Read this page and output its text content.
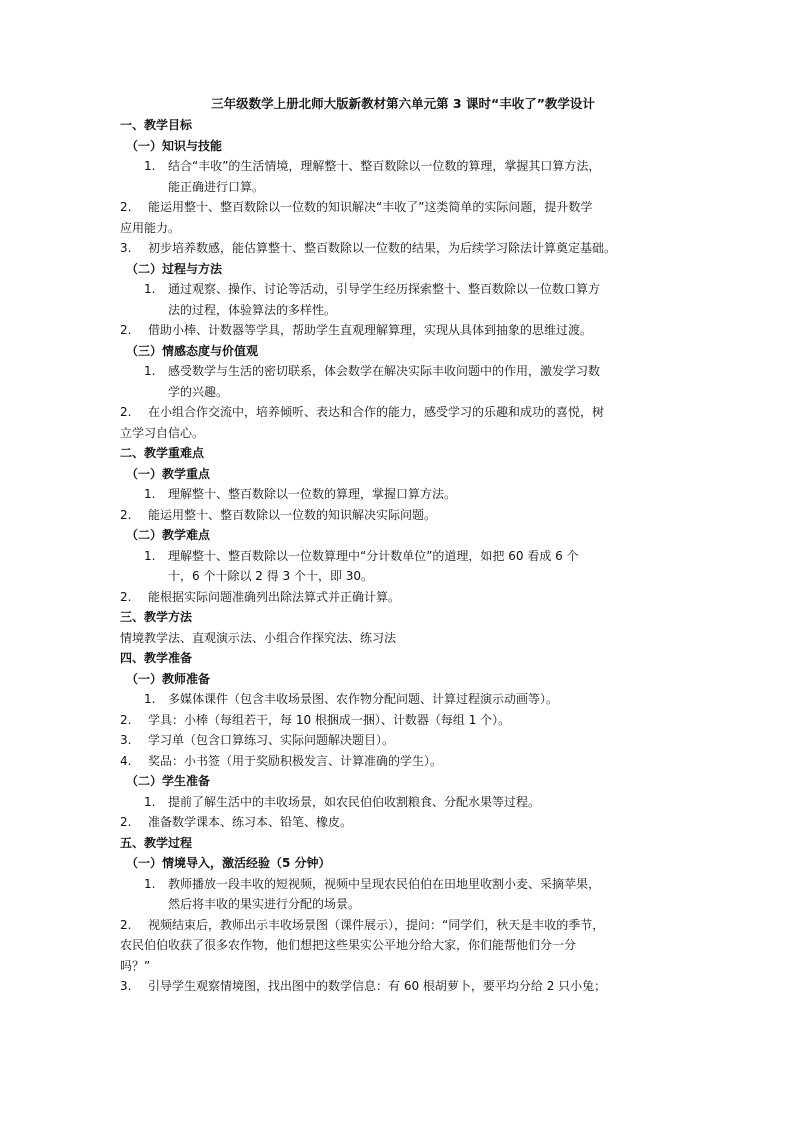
三年级数学上册北师大版新教材第六单元第 3 课时“丰收了”教学设计
一、教学目标
（一）知识与技能
1. 结合“丰收”的生活情境，理解整十、整百数除以一位数的算理，掌握其口算方法，
能正确进行口算。
2. 能运用整十、整百数除以一位数的知识解决“丰收了”这类简单的实际问题，提升数学
应用能力。
3. 初步培养数感，能估算整十、整百数除以一位数的结果，为后续学习除法计算奠定基础。
（二）过程与方法
1. 通过观察、操作、讨论等活动，引导学生经历探索整十、整百数除以一位数口算方
法的过程，体验算法的多样性。
2. 借助小棒、计数器等学具，帮助学生直观理解算理，实现从具体到抽象的思维过渡。
（三）情感态度与价值观
1. 感受数学与生活的密切联系，体会数学在解决实际丰收问题中的作用，激发学习数
学的兴趣。
2. 在小组合作交流中，培养倾听、表达和合作的能力，感受学习的乐趣和成功的喜悦，树
立学习自信心。
二、教学重难点
（一）教学重点
1. 理解整十、整百数除以一位数的算理，掌握口算方法。
2. 能运用整十、整百数除以一位数的知识解决实际问题。
（二）教学难点
1. 理解整十、整百数除以一位数算理中“分计数单位”的道理，如把 60 看成 6 个
十，6 个十除以 2 得 3 个十，即 30。
2. 能根据实际问题准确列出除法算式并正确计算。
三、教学方法
情境教学法、直观演示法、小组合作探究法、练习法
四、教学准备
（一）教师准备
1. 多媒体课件（包含丰收场景图、农作物分配问题、计算过程演示动画等）。
2. 学具：小棒（每组若干，每 10 根捆成一捆）、计数器（每组 1 个）。
3. 学习单（包含口算练习、实际问题解决题目）。
4. 奖品：小书签（用于奖励积极发言、计算准确的学生）。
（二）学生准备
1. 提前了解生活中的丰收场景，如农民伯伯收割粮食、分配水果等过程。
2. 准备数学课本、练习本、铅笔、橡皮。
五、教学过程
（一）情境导入，激活经验（5 分钟）
1. 教师播放一段丰收的短视频，视频中呈现农民伯伯在田地里收割小麦、采摘苹果，
然后将丰收的果实进行分配的场景。
2. 视频结束后，教师出示丰收场景图（课件展示），提问：“同学们，秋天是丰收的季节，
农民伯伯收获了很多农作物，他们想把这些果实公平地分给大家，你们能帮他们分一分
吗？”
3. 引导学生观察情境图，找出图中的数学信息：有 60 根胡萝卜，要平均分给 2 只小兔；
